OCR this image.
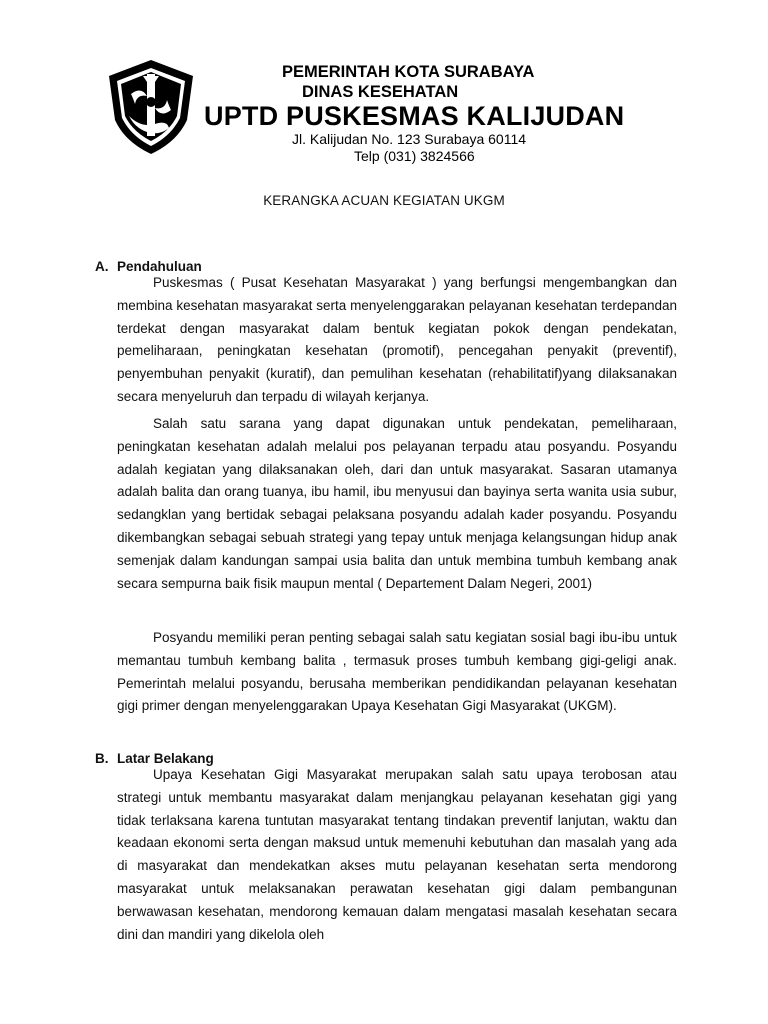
PEMERINTAH KOTA SURABAYA
DINAS KESEHATAN
UPTD PUSKESMAS KALIJUDAN
Jl. Kalijudan No. 123 Surabaya 60114
Telp (031) 3824566
KERANGKA ACUAN KEGIATAN UKGM
A. Pendahuluan

Puskesmas ( Pusat Kesehatan Masyarakat ) yang berfungsi mengembangkan dan membina kesehatan masyarakat serta menyelenggarakan pelayanan kesehatan terdepandan terdekat dengan masyarakat dalam bentuk kegiatan pokok dengan pendekatan, pemeliharaan, peningkatan kesehatan (promotif), pencegahan penyakit (preventif), penyembuhan penyakit (kuratif), dan pemulihan kesehatan (rehabilitatif)yang dilaksanakan secara menyeluruh dan terpadu di wilayah kerjanya.

Salah satu sarana yang dapat digunakan untuk pendekatan, pemeliharaan, peningkatan kesehatan adalah melalui pos pelayanan terpadu atau posyandu. Posyandu adalah kegiatan yang dilaksanakan oleh, dari dan untuk masyarakat. Sasaran utamanya adalah balita dan orang tuanya, ibu hamil, ibu menyusui dan bayinya serta wanita usia subur, sedangklan yang bertidak sebagai pelaksana posyandu adalah kader posyandu. Posyandu dikembangkan sebagai sebuah strategi yang tepay untuk menjaga kelangsungan hidup anak semenjak dalam kandungan sampai usia balita dan untuk membina tumbuh kembang anak secara sempurna baik fisik maupun mental ( Departement Dalam Negeri, 2001)

Posyandu memiliki peran penting sebagai salah satu kegiatan sosial bagi ibu-ibu untuk memantau tumbuh kembang balita , termasuk proses tumbuh kembang gigi-geligi anak. Pemerintah melalui posyandu, berusaha memberikan pendidikandan pelayanan kesehatan gigi primer dengan menyelenggarakan Upaya Kesehatan Gigi Masyarakat (UKGM).

B. Latar Belakang

Upaya Kesehatan Gigi Masyarakat merupakan salah satu upaya terobosan atau strategi untuk membantu masyarakat dalam menjangkau pelayanan kesehatan gigi yang tidak terlaksana karena tuntutan masyarakat tentang tindakan preventif lanjutan, waktu dan keadaan ekonomi serta dengan maksud untuk memenuhi kebutuhan dan masalah yang ada di masyarakat dan mendekatkan akses mutu pelayanan kesehatan serta mendorong masyarakat untuk melaksanakan perawatan kesehatan gigi dalam pembangunan berwawasan kesehatan, mendorong kemauan dalam mengatasi masalah kesehatan secara dini dan mandiri yang dikelola oleh
